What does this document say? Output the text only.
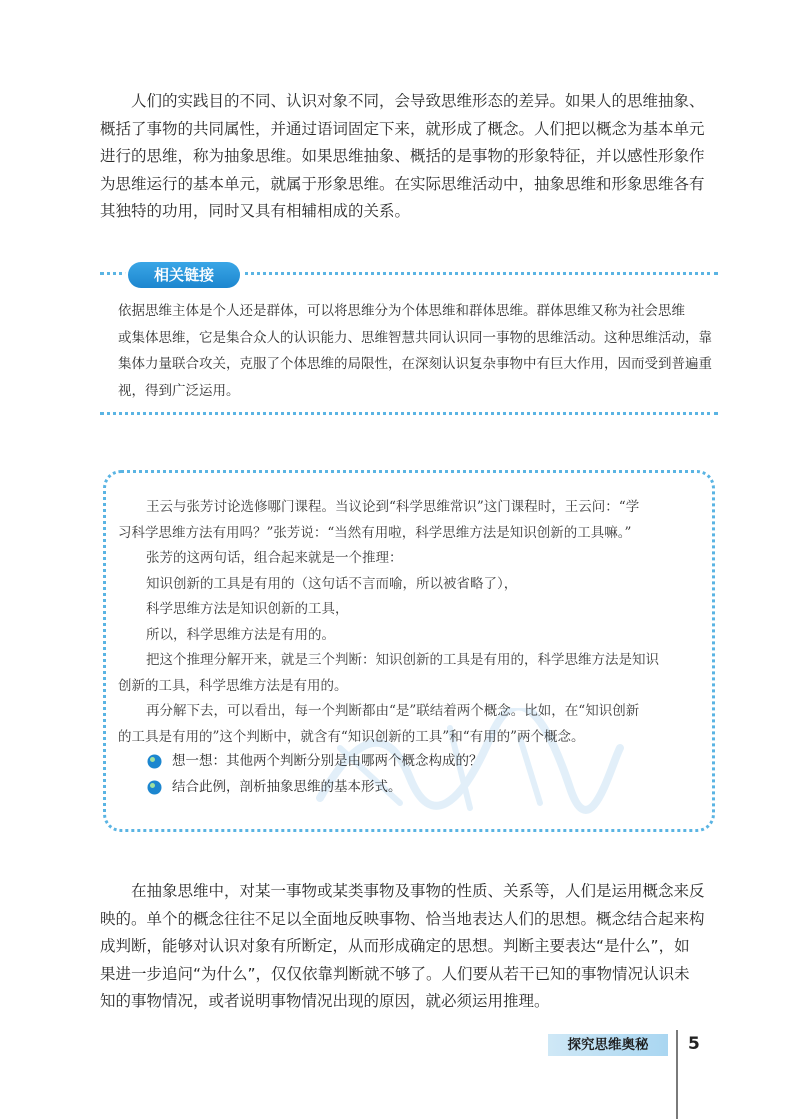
人们的实践目的不同、认识对象不同，会导致思维形态的差异。如果人的思维抽象、
概括了事物的共同属性，并通过语词固定下来，就形成了概念。人们把以概念为基本单元
进行的思维，称为抽象思维。如果思维抽象、概括的是事物的形象特征，并以感性形象作
为思维运行的基本单元，就属于形象思维。在实际思维活动中，抽象思维和形象思维各有
其独特的功用，同时又具有相辅相成的关系。

相关链接

依据思维主体是个人还是群体，可以将思维分为个体思维和群体思维。群体思维又称为社会思维
或集体思维，它是集合众人的认识能力、思维智慧共同认识同一事物的思维活动。这种思维活动，靠
集体力量联合攻关，克服了个体思维的局限性，在深刻认识复杂事物中有巨大作用，因而受到普遍重
视，得到广泛运用。

王云与张芳讨论选修哪门课程。当议论到“科学思维常识”这门课程时，王云问：“学
习科学思维方法有用吗？”张芳说：“当然有用啦，科学思维方法是知识创新的工具嘛。”
张芳的这两句话，组合起来就是一个推理：
知识创新的工具是有用的（这句话不言而喻，所以被省略了），
科学思维方法是知识创新的工具，
所以，科学思维方法是有用的。
把这个推理分解开来，就是三个判断：知识创新的工具是有用的，科学思维方法是知识
创新的工具，科学思维方法是有用的。
再分解下去，可以看出，每一个判断都由“是”联结着两个概念。比如，在“知识创新
的工具是有用的”这个判断中，就含有“知识创新的工具”和“有用的”两个概念。
想一想：其他两个判断分别是由哪两个概念构成的？
结合此例，剖析抽象思维的基本形式。

在抽象思维中，对某一事物或某类事物及事物的性质、关系等，人们是运用概念来反
映的。单个的概念往往不足以全面地反映事物、恰当地表达人们的思想。概念结合起来构
成判断，能够对认识对象有所断定，从而形成确定的思想。判断主要表达“是什么”，如
果进一步追问“为什么”，仅仅依靠判断就不够了。人们要从若干已知的事物情况认识未
知的事物情况，或者说明事物情况出现的原因，就必须运用推理。

探究思维奥秘	5
